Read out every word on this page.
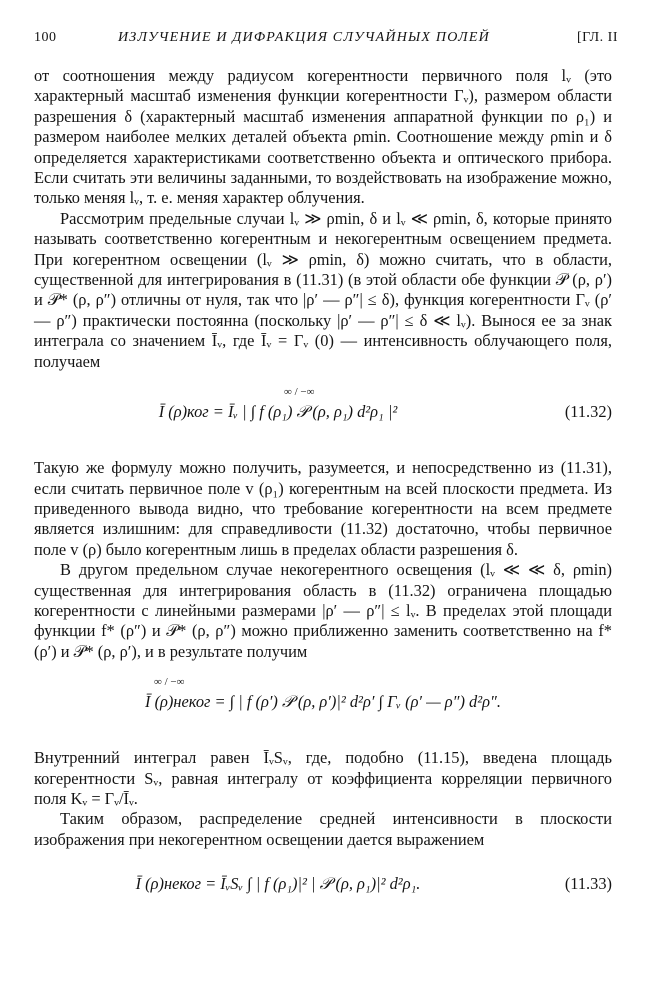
100	ИЗЛУЧЕНИЕ И ДИФРАКЦИЯ СЛУЧАЙНЫХ ПОЛЕЙ	[ГЛ. II

от соотношения между радиусом когерентности первичного поля lᵥ (это характерный масштаб изменения функции когерентности Γᵥ), размером области разрешения δ (характерный масштаб изменения аппаратной функции по ρ₁) и размером наиболее мелких деталей объекта ρmin. Соотношение между ρmin и δ определяется характеристиками соответственно объекта и оптического прибора. Если считать эти величины заданными, то воздействовать на изображение можно, только меняя lᵥ, т. е. меняя характер облучения.

Рассмотрим предельные случаи lᵥ ≫ ρmin, δ и lᵥ ≪ ρmin, δ, которые принято называть соответственно когерентным и некогерентным освещением предмета. При когерентном освещении (lᵥ ≫ ρmin, δ) можно считать, что в области, существенной для интегрирования в (11.31) (в этой области обе функции 𝒫 (ρ, ρ′) и 𝒫* (ρ, ρ″) отличны от нуля, так что |ρ′ — ρ″| ≤ δ), функция когерентности Γᵥ (ρ′ — ρ″) практически постоянна (поскольку |ρ′ — ρ″| ≤ δ ≪ lᵥ). Вынося ее за знак интеграла со значением Īᵥ, где Īᵥ = Γᵥ (0) — интенсивность облучающего поля, получаем

Ī (ρ)ког = Īᵥ | ∫ f (ρ₁) 𝒫 (ρ, ρ₁) d²ρ₁ |²
∞ / −∞
(11.32)

Такую же формулу можно получить, разумеется, и непосредственно из (11.31), если считать первичное поле v (ρ₁) когерентным на всей плоскости предмета. Из приведенного вывода видно, что требование когерентности на всем предмете является излишним: для справедливости (11.32) достаточно, чтобы первичное поле v (ρ) было когерентным лишь в пределах области разрешения δ.

В другом предельном случае некогерентного освещения (lᵥ ≪ ≪ δ, ρmin) существенная для интегрирования область в (11.32) ограничена площадью когерентности с линейными размерами |ρ′ — ρ″| ≤ lᵥ. В пределах этой площади функции f* (ρ″) и 𝒫* (ρ, ρ″) можно приближенно заменить соответственно на f* (ρ′) и 𝒫* (ρ, ρ′), и в результате получим

Ī (ρ)неког = ∫ | f (ρ′) 𝒫 (ρ, ρ′)|² d²ρ′ ∫ Γᵥ (ρ′ — ρ″) d²ρ″.
∞ / −∞

Внутренний интеграл равен ĪᵥSᵥ, где, подобно (11.15), введена площадь когерентности Sᵥ, равная интегралу от коэффициента корреляции первичного поля Kᵥ = Γᵥ/Īᵥ.

Таким образом, распределение средней интенсивности в плоскости изображения при некогерентном освещении дается выражением

Ī (ρ)неког = ĪᵥSᵥ ∫ | f (ρ₁)|² | 𝒫 (ρ, ρ₁)|² d²ρ₁.	(11.33)
